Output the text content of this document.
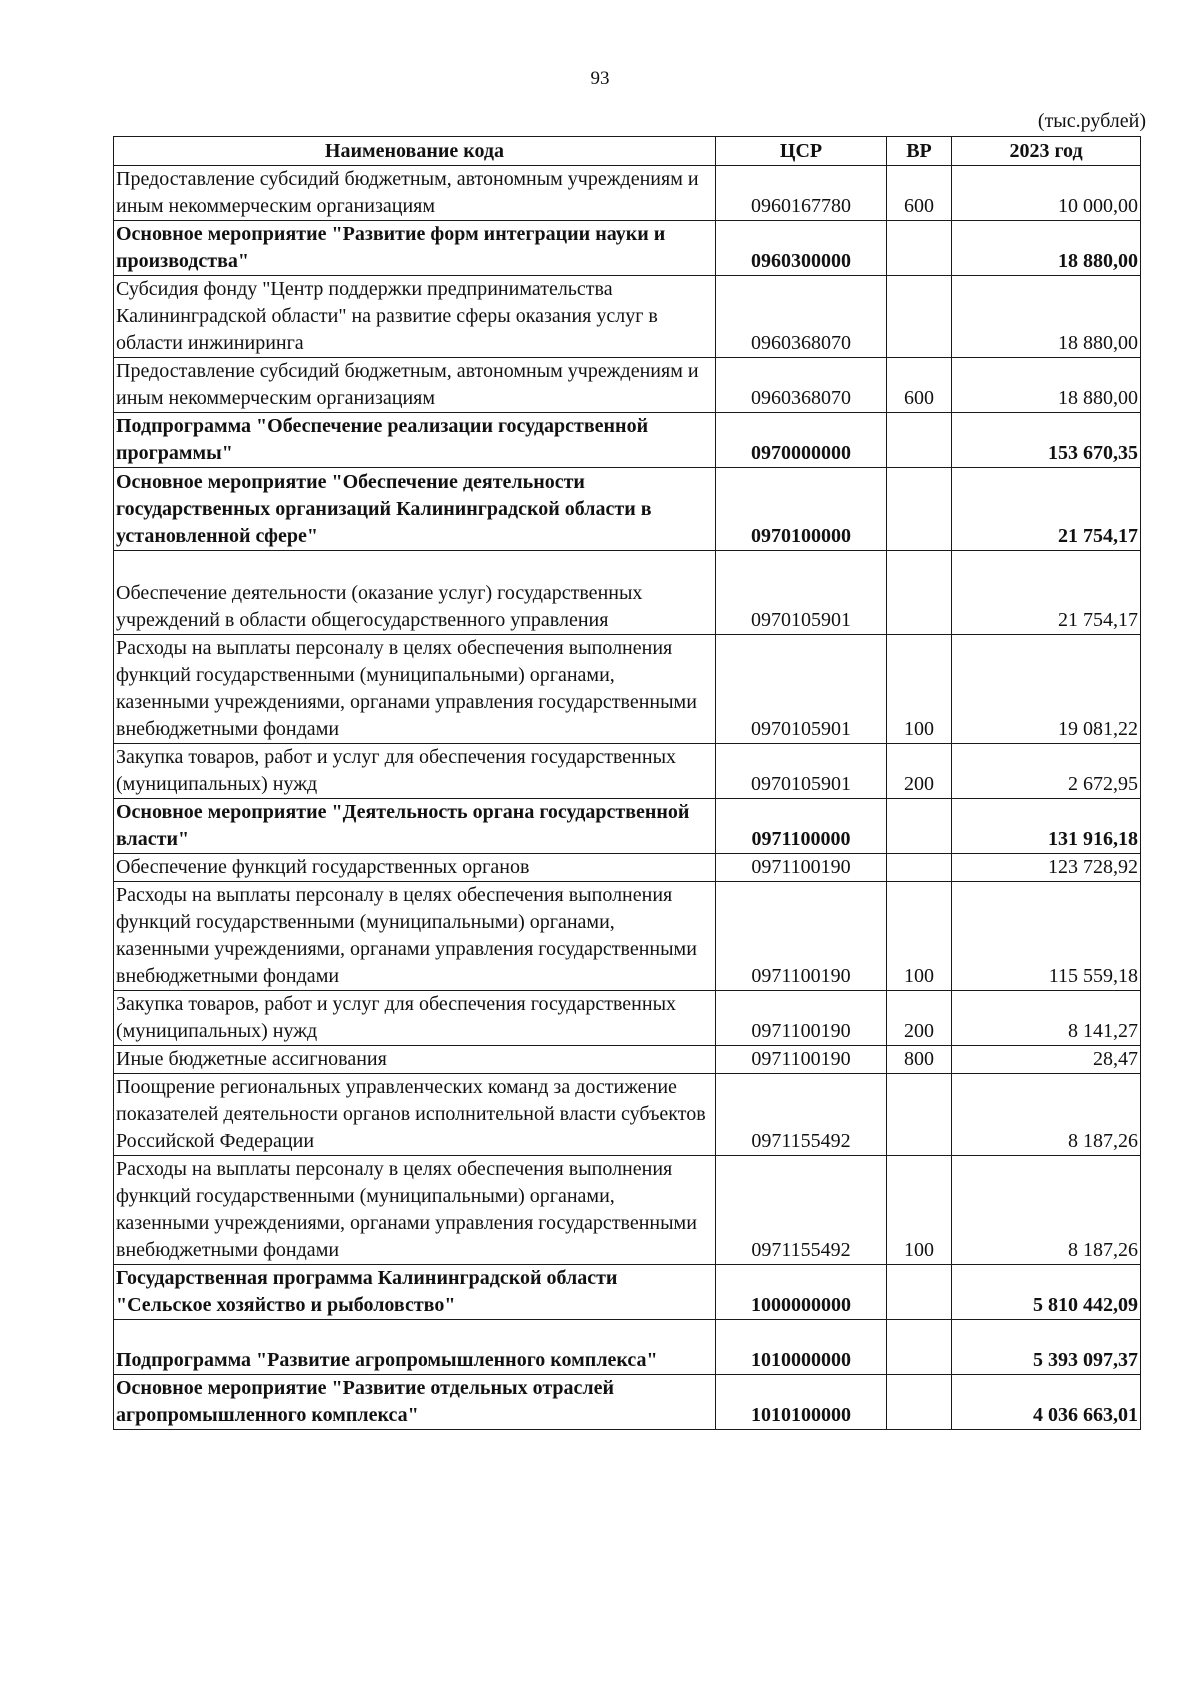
93
(тыс.рублей)
Наименование кода	ЦСР	ВР	2023 год
Предоставление субсидий бюджетным, автономным учреждениям и иным некоммерческим организациям	0960167780	600	10 000,00
Основное мероприятие "Развитие форм интеграции науки и производства"	0960300000		18 880,00
Субсидия фонду "Центр поддержки предпринимательства Калининградской области" на развитие сферы оказания услуг в области инжиниринга	0960368070		18 880,00
Предоставление субсидий бюджетным, автономным учреждениям и иным некоммерческим организациям	0960368070	600	18 880,00
Подпрограмма "Обеспечение реализации государственной программы"	0970000000		153 670,35
Основное мероприятие "Обеспечение деятельности государственных организаций Калининградской области в установленной сфере"	0970100000		21 754,17
Обеспечение деятельности (оказание услуг) государственных учреждений в области общегосударственного управления	0970105901		21 754,17
Расходы на выплаты персоналу в целях обеспечения выполнения функций государственными (муниципальными) органами, казенными учреждениями, органами управления государственными внебюджетными фондами	0970105901	100	19 081,22
Закупка товаров, работ и услуг для обеспечения государственных (муниципальных) нужд	0970105901	200	2 672,95
Основное мероприятие "Деятельность органа государственной власти"	0971100000		131 916,18
Обеспечение функций государственных органов	0971100190		123 728,92
Расходы на выплаты персоналу в целях обеспечения выполнения функций государственными (муниципальными) органами, казенными учреждениями, органами управления государственными внебюджетными фондами	0971100190	100	115 559,18
Закупка товаров, работ и услуг для обеспечения государственных (муниципальных) нужд	0971100190	200	8 141,27
Иные бюджетные ассигнования	0971100190	800	28,47
Поощрение региональных управленческих команд за достижение показателей деятельности органов исполнительной власти субъектов Российской Федерации	0971155492		8 187,26
Расходы на выплаты персоналу в целях обеспечения выполнения функций государственными (муниципальными) органами, казенными учреждениями, органами управления государственными внебюджетными фондами	0971155492	100	8 187,26
Государственная программа Калининградской области "Сельское хозяйство и рыболовство"	1000000000		5 810 442,09
Подпрограмма "Развитие агропромышленного комплекса"	1010000000		5 393 097,37
Основное мероприятие "Развитие отдельных отраслей агропромышленного комплекса"	1010100000		4 036 663,01
